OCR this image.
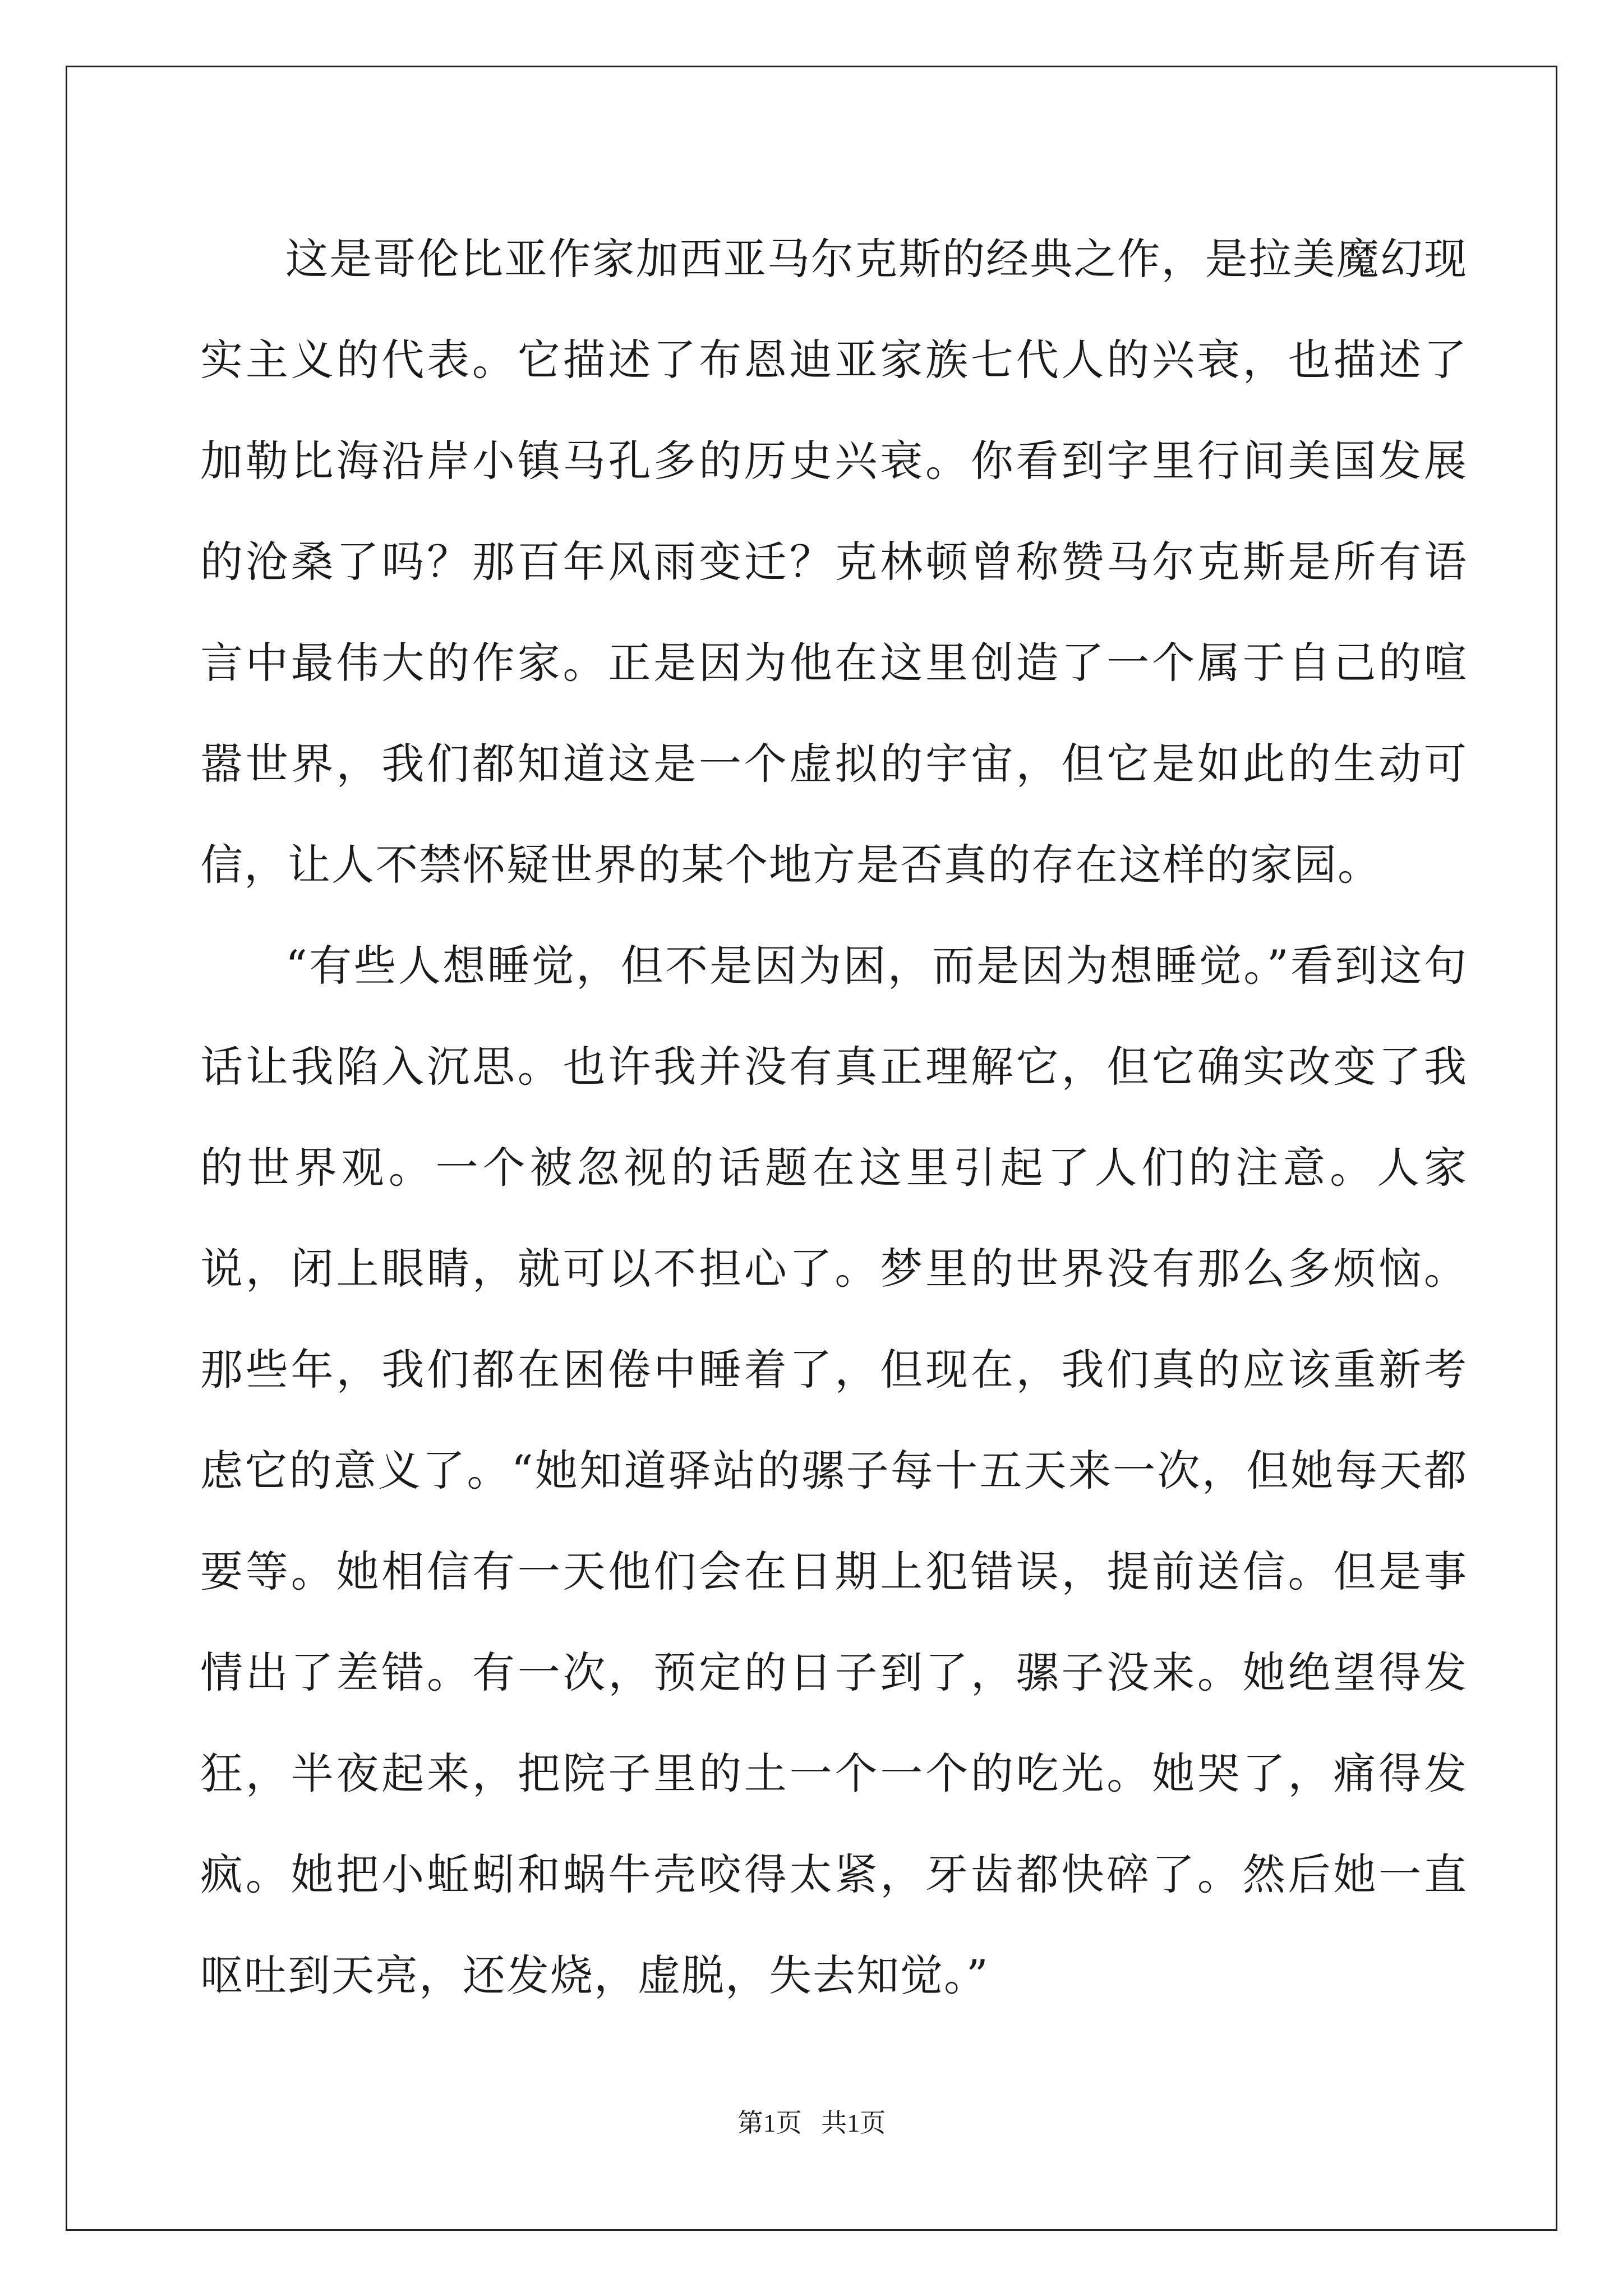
这是哥伦比亚作家加西亚马尔克斯的经典之作，是拉美魔幻现实主义的代表。它描述了布恩迪亚家族七代人的兴衰，也描述了加勒比海沿岸小镇马孔多的历史兴衰。你看到字里行间美国发展的沧桑了吗？那百年风雨变迁？克林顿曾称赞马尔克斯是所有语言中最伟大的作家。正是因为他在这里创造了一个属于自己的喧嚣世界，我们都知道这是一个虚拟的宇宙，但它是如此的生动可信，让人不禁怀疑世界的某个地方是否真的存在这样的家园。

“有些人想睡觉，但不是因为困，而是因为想睡觉。”看到这句话让我陷入沉思。也许我并没有真正理解它，但它确实改变了我的世界观。一个被忽视的话题在这里引起了人们的注意。人家说，闭上眼睛，就可以不担心了。梦里的世界没有那么多烦恼。那些年，我们都在困倦中睡着了，但现在，我们真的应该重新考虑它的意义了。“她知道驿站的骡子每十五天来一次，但她每天都要等。她相信有一天他们会在日期上犯错误，提前送信。但是事情出了差错。有一次，预定的日子到了，骡子没来。她绝望得发狂，半夜起来，把院子里的土一个一个的吃光。她哭了，痛得发疯。她把小蚯蚓和蜗牛壳咬得太紧，牙齿都快碎了。然后她一直呕吐到天亮，还发烧，虚脱，失去知觉。”

第1页   共1页
